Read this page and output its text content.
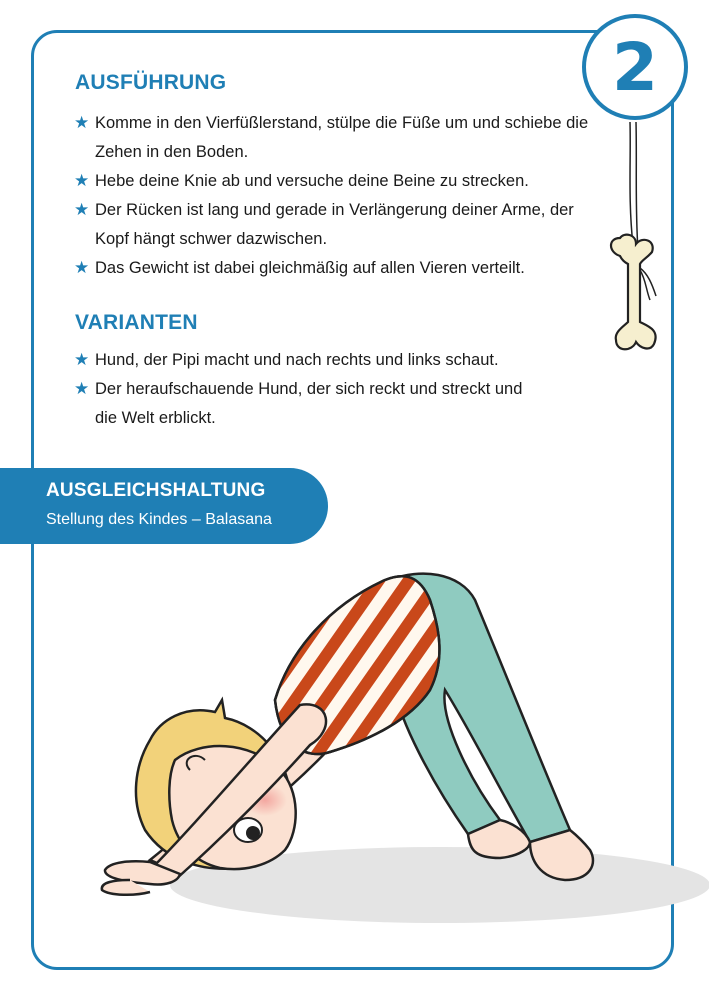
2
AUSFÜHRUNG
★ Komme in den Vierfüßlerstand, stülpe die Füße um und schiebe die Zehen in den Boden.
★ Hebe deine Knie ab und versuche deine Beine zu strecken.
★ Der Rücken ist lang und gerade in Verlängerung deiner Arme, der Kopf hängt schwer dazwischen.
★ Das Gewicht ist dabei gleichmäßig auf allen Vieren verteilt.
VARIANTEN
★ Hund, der Pipi macht und nach rechts und links schaut.
★ Der heraufschauende Hund, der sich reckt und streckt und die Welt erblickt.
AUSGLEICHSHALTUNG
Stellung des Kindes – Balasana
